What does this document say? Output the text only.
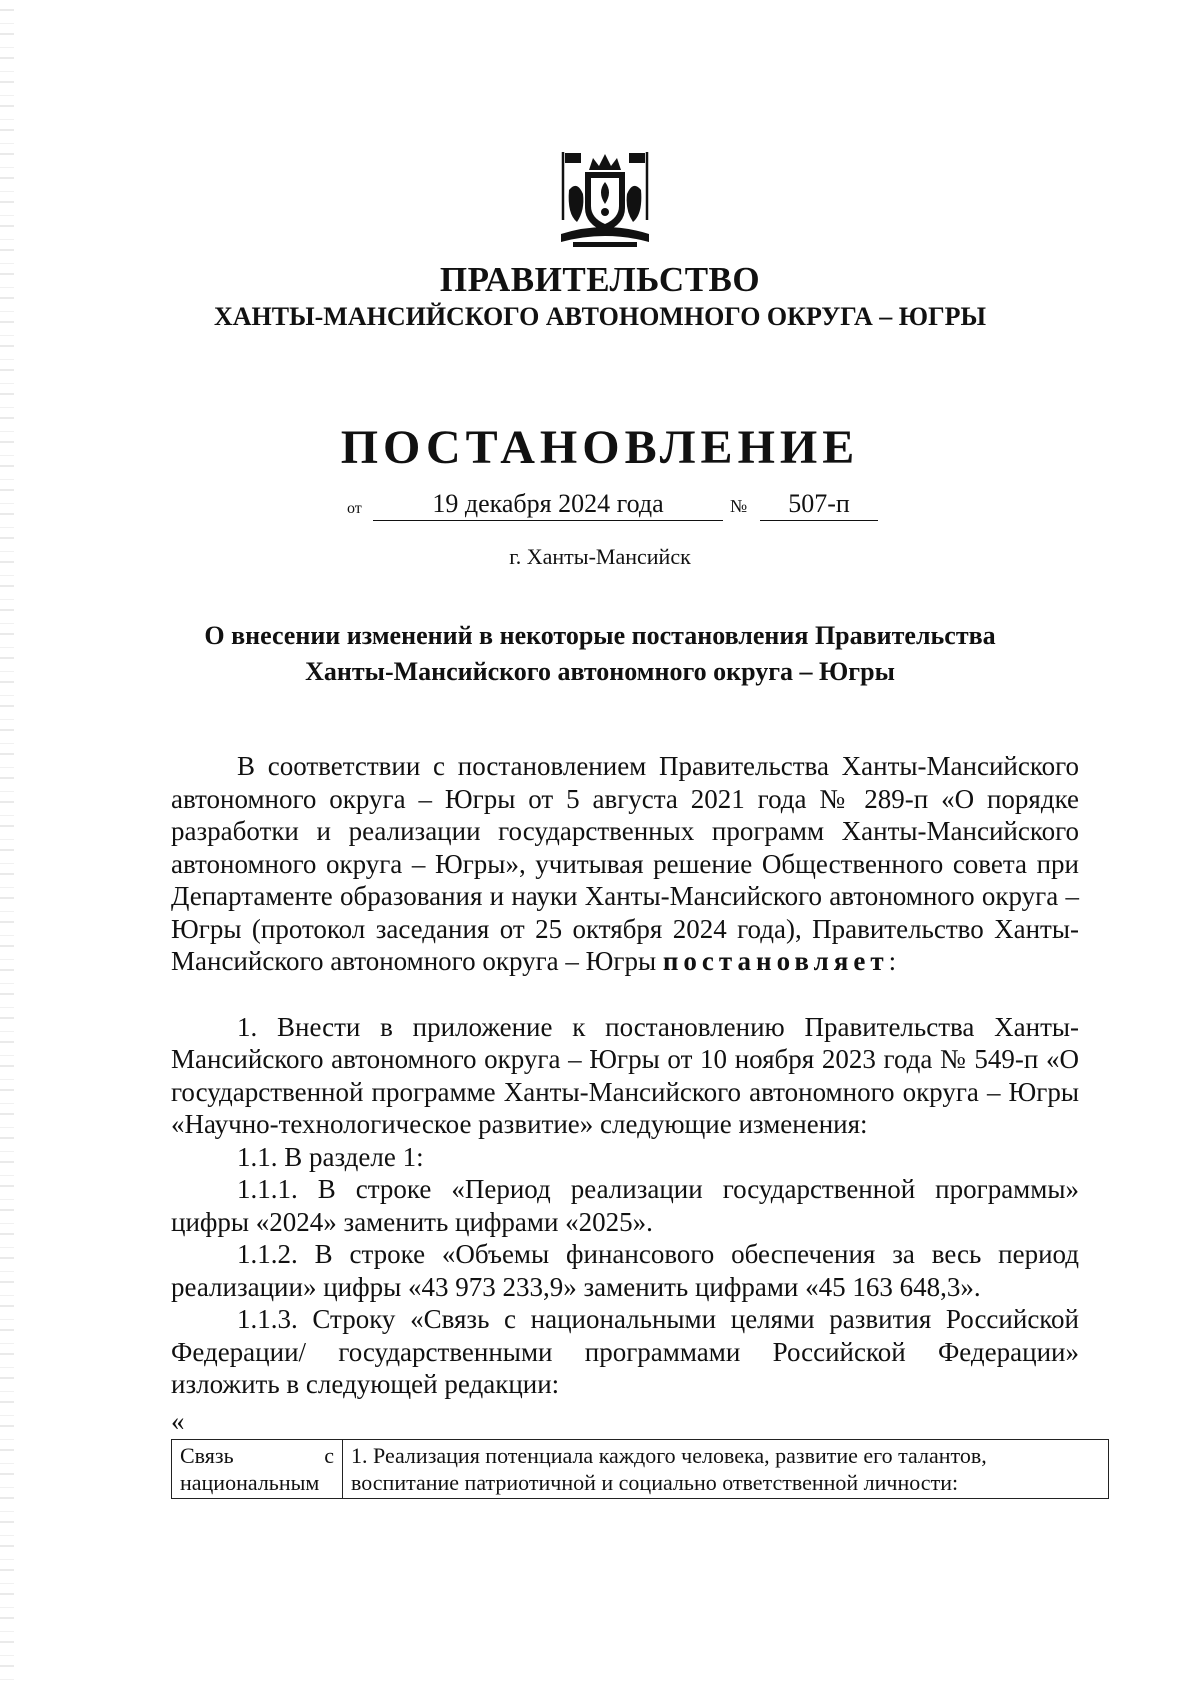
ПРАВИТЕЛЬСТВО
ХАНТЫ-МАНСИЙСКОГО АВТОНОМНОГО ОКРУГА – ЮГРЫ
ПОСТАНОВЛЕНИЕ
от	19 декабря 2024 года	№	507-п
г. Ханты-Мансийск
О внесении изменений в некоторые постановления Правительства
Ханты-Мансийского автономного округа – Югры

В соответствии с постановлением Правительства Ханты-Мансийского автономного округа – Югры от 5 августа 2021 года № 289-п «О порядке разработки и реализации государственных программ Ханты-Мансийского автономного округа – Югры», учитывая решение Общественного совета при Департаменте образования и науки Ханты-Мансийского автономного округа – Югры (протокол заседания от 25 октября 2024 года), Правительство Ханты-Мансийского автономного округа – Югры постановляет:

1. Внести в приложение к постановлению Правительства Ханты-Мансийского автономного округа – Югры от 10 ноября 2023 года № 549-п «О государственной программе Ханты-Мансийского автономного округа – Югры «Научно-технологическое развитие» следующие изменения:

1.1. В разделе 1:

1.1.1. В строке «Период реализации государственной программы» цифры «2024» заменить цифрами «2025».

1.1.2. В строке «Объемы финансового обеспечения за весь период реализации» цифры «43 973 233,9» заменить цифрами «45 163 648,3».

1.1.3. Строку «Связь с национальными целями развития Российской Федерации/ государственными программами Российской Федерации» изложить в следующей редакции:

«

Связь с
национальным

1. Реализация потенциала каждого человека, развитие его талантов,
воспитание патриотичной и социально ответственной личности:
